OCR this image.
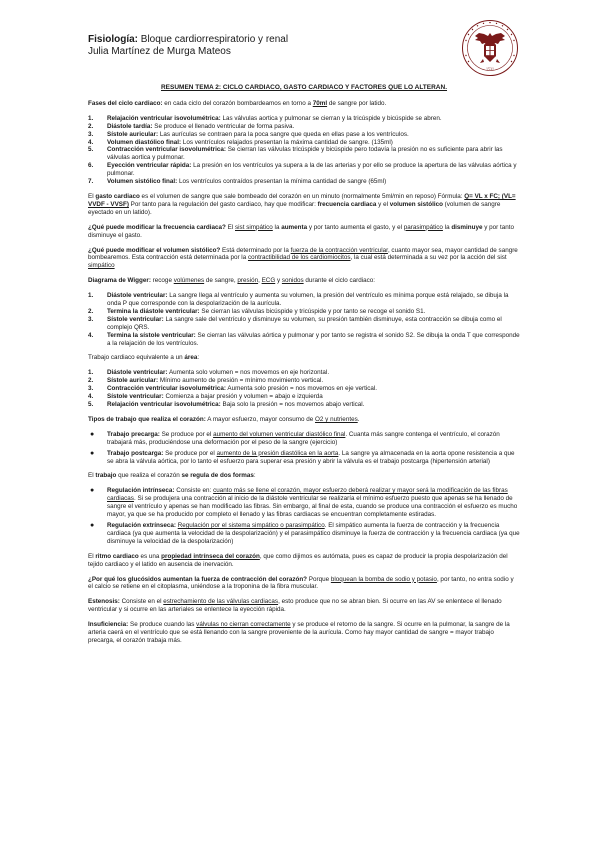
Fisiología: Bloque cardiorrespiratorio y renal
Julia Martínez de Murga Mateos
1531
RESUMEN TEMA 2: CICLO CARDIACO, GASTO CARDIACO Y FACTORES QUE LO ALTERAN.

Fases del ciclo cardiaco: en cada ciclo del corazón bombardeamos en torno a 70ml de sangre por latido.

1. Relajación ventricular isovolumétrica: Las válvulas aortica y pulmonar se cierran y la tricúspide y bicúspide se abren.
2. Diástole tardía: Se produce el llenado ventricular de forma pasiva.
3. Sístole auricular: Las aurículas se contraen para la poca sangre que queda en ellas pase a los ventrículos.
4. Volumen diastólico final: Los ventrículos relajados presentan la máxima cantidad de sangre. (135ml)
5. Contracción ventricular isovolumétrica: Se cierran las válvulas tricúspide y bicúspide pero todavía la presión no es suficiente para abrir las válvulas aortica y pulmonar.
6. Eyección ventricular rápida: La presión en los ventrículos ya supera a la de las arterias y por ello se produce la apertura de las válvulas aórtica y pulmonar.
7. Volumen sistólico final: Los ventrículos contraídos presentan la mínima cantidad de sangre (65ml)

El gasto cardiaco es el volumen de sangre que sale bombeado del corazón en un minuto (normalmente 5ml/min en reposo) Fórmula: Q= VL x FC; (VL= VVDF - VVSF) Por tanto para la regulación del gasto cardiaco, hay que modificar: frecuencia cardiaca y el volumen sistólico (volumen de sangre eyectado en un latido).

¿Qué puede modificar la frecuencia cardiaca? El sist simpático la aumenta y por tanto aumenta el gasto, y el parasimpático la disminuye y por tanto disminuye el gasto.

¿Qué puede modificar el volumen sistólico? Está determinado por la fuerza de la contracción ventricular, cuanto mayor sea, mayor cantidad de sangre bombearemos. Esta contracción está determinada por la contractibilidad de los cardiomiocitos, la cual está determinada a su vez por la acción del sist simpático

Diagrama de Wigger: recoge volúmenes de sangre, presión, ECG y sonidos durante el ciclo cardiaco:

1. Diástole ventricular: La sangre llega al ventrículo y aumenta su volumen, la presión del ventrículo es mínima porque está relajado, se dibuja la onda P que corresponde con la despolarización de la aurícula.
2. Termina la diástole ventricular: Se cierran las válvulas bicúspide y tricúspide y por tanto se recoge el sonido S1.
3. Sístole ventricular: La sangre sale del ventrículo y disminuye su volumen, su presión también disminuye, esta contracción se dibuja como el complejo QRS.
4. Termina la sístole ventricular: Se cierran las válvulas aórtica y pulmonar y por tanto se registra el sonido S2. Se dibuja la onda T que corresponde a la relajación de los ventrículos.

Trabajo cardiaco equivalente a un área:

1. Diástole ventricular: Aumenta solo volumen = nos movemos en eje horizontal.
2. Sístole auricular: Mínimo aumento de presión = mínimo movimiento vertical.
3. Contracción ventricular isovolumétrica: Aumenta solo presión = nos movemos en eje vertical.
4. Sístole ventricular: Comienza a bajar presión y volumen = abajo e izquierda
5. Relajación ventricular isovolumétrica: Baja solo la presión = nos movemos abajo vertical.

Tipos de trabajo que realiza el corazón: A mayor esfuerzo, mayor consumo de O2 y nutrientes.

● Trabajo precarga: Se produce por el aumento del volumen ventricular diastólico final. Cuanta más sangre contenga el ventrículo, el corazón trabajará más, produciéndose una deformación por el peso de la sangre (ejercicio)
● Trabajo postcarga: Se produce por el aumento de la presión diastólica en la aorta. La sangre ya almacenada en la aorta opone resistencia a que se abra la válvula aórtica, por lo tanto el esfuerzo para superar esa presión y abrir la válvula es el trabajo postcarga (hipertensión arterial)

El trabajo que realiza el corazón se regula de dos formas:

● Regulación intrínseca: Consiste en: cuanto más se llene el corazón, mayor esfuerzo deberá realizar y mayor será la modificación de las fibras cardiacas. Si se produjera una contracción al inicio de la diástole ventricular se realizaría el mínimo esfuerzo puesto que apenas se ha llenado de sangre el ventrículo y apenas se han modificado las fibras. Sin embargo, al final de esta, cuando se produce una contracción el esfuerzo es mucho mayor, ya que se ha producido por completo el llenado y las fibras cardiacas se encuentran completamente estiradas.
● Regulación extrínseca: Regulación por el sistema simpático o parasimpático. El simpático aumenta la fuerza de contracción y la frecuencia cardiaca (ya que aumenta la velocidad de la despolarización) y el parasimpático disminuye la fuerza de contracción y la frecuencia cardiaca (ya que disminuye la velocidad de la despolarización)

El ritmo cardiaco es una propiedad intrínseca del corazón, que como dijimos es autómata, pues es capaz de producir la propia despolarización del tejido cardiaco y el latido en ausencia de inervación.

¿Por qué los glucósidos aumentan la fuerza de contracción del corazón? Porque bloquean la bomba de sodio y potasio, por tanto, no entra sodio y el calcio se retiene en el citoplasma, uniéndose a la troponina de la fibra muscular.

Estenosis: Consiste en el estrechamiento de las válvulas cardiacas, esto produce que no se abran bien. Si ocurre en las AV se enlentece el llenado ventricular y si ocurre en las arteriales se enlentece la eyección rápida.

Insuficiencia: Se produce cuando las válvulas no cierran correctamente y se produce el retorno de la sangre. Si ocurre en la pulmonar, la sangre de la arteria caerá en el ventrículo que se está llenando con la sangre proveniente de la aurícula. Como hay mayor cantidad de sangre = mayor trabajo precarga, el corazón trabaja más.
